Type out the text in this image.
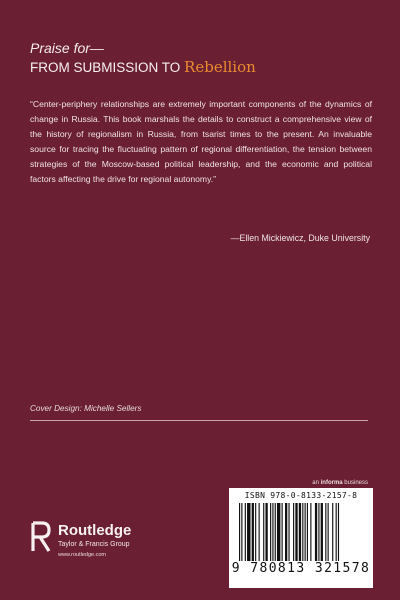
Praise for—
FROM SUBMISSION TO Rebellion
“Center-periphery relationships are extremely important components of the dynamics of change in Russia. This book marshals the details to construct a comprehensive view of the history of regionalism in Russia, from tsarist times to the present. An invaluable source for tracing the fluctuating pattern of regional differentiation, the tension between strategies of the Moscow-based political leadership, and the economic and political factors affecting the drive for regional autonomy.”
—Ellen Mickiewicz, Duke University
Cover Design: Michelle Sellers
an informa business
Routledge
Taylor & Francis Group
www.routledge.com
ISBN 978-0-8133-2157-8
9 780813 321578
